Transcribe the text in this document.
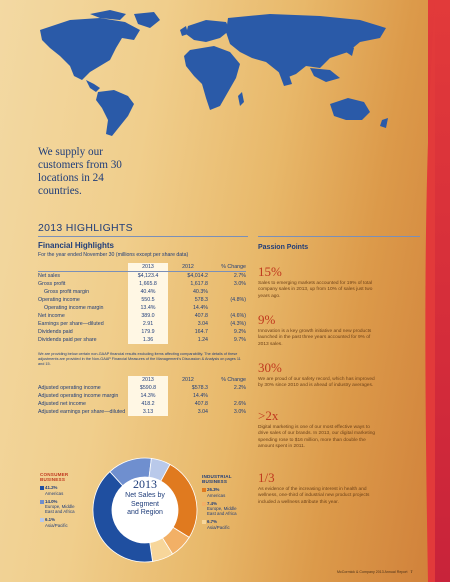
We supply our customers from 30 locations in 24 countries.
2013 HIGHLIGHTS
Financial Highlights
For the year ended November 30 (millions except per share data)
	2013	2012	% Change
Net sales	$4,123.4	$4,014.2	2.7%
Gross profit	1,665.8	1,617.8	3.0%
Gross profit margin	40.4%	40.3%	
Operating income	550.5	578.3	(4.8%)
Operating income margin	13.4%	14.4%	
Net income	389.0	407.8	(4.6%)
Earnings per share—diluted	2.91	3.04	(4.3%)
Dividends paid	179.9	164.7	9.2%
Dividends paid per share	1.36	1.24	9.7%
We are providing below certain non-GAAP financial results excluding items affecting comparability. The details of these adjustments are provided in the Non-GAAP Financial Measures of the Management's Discussion & Analysis on pages 11 and 15.
	2013	2012	% Change
Adjusted operating income	$590.8	$578.3	2.2%
Adjusted operating income margin	14.3%	14.4%	
Adjusted net income	418.2	407.8	2.6%
Adjusted earnings per share—diluted	3.13	3.04	3.0%
CONSUMER
BUSINESS
41.2%
Americas
14.0%
Europe, Middle East and Africa
6.1%
Asia/Pacific
2013
Net Sales by
Segment
and Region
INDUSTRIAL
BUSINESS
26.3%
Americas
7.4%
Europe, Middle East and Africa
6.7%
Asia/Pacific
Passion Points
15%
Sales to emerging markets accounted for 19% of total company sales in 2013, up from 10% of sales just two years ago.
9%
Innovation is a key growth initiative and new products launched in the past three years accounted for 9% of 2013 sales.
30%
We are proud of our safety record, which has improved by 30% since 2010 and is ahead of industry averages.
>2x
Digital marketing is one of our most effective ways to drive sales of our brands. In 2013, our digital marketing spending rose to $16 million, more than double the amount spent in 2011.
1/3
As evidence of the increasing interest in health and wellness, one-third of industrial new product projects included a wellness attribute this year.
McCormick & Company 2013 Annual Report 7
